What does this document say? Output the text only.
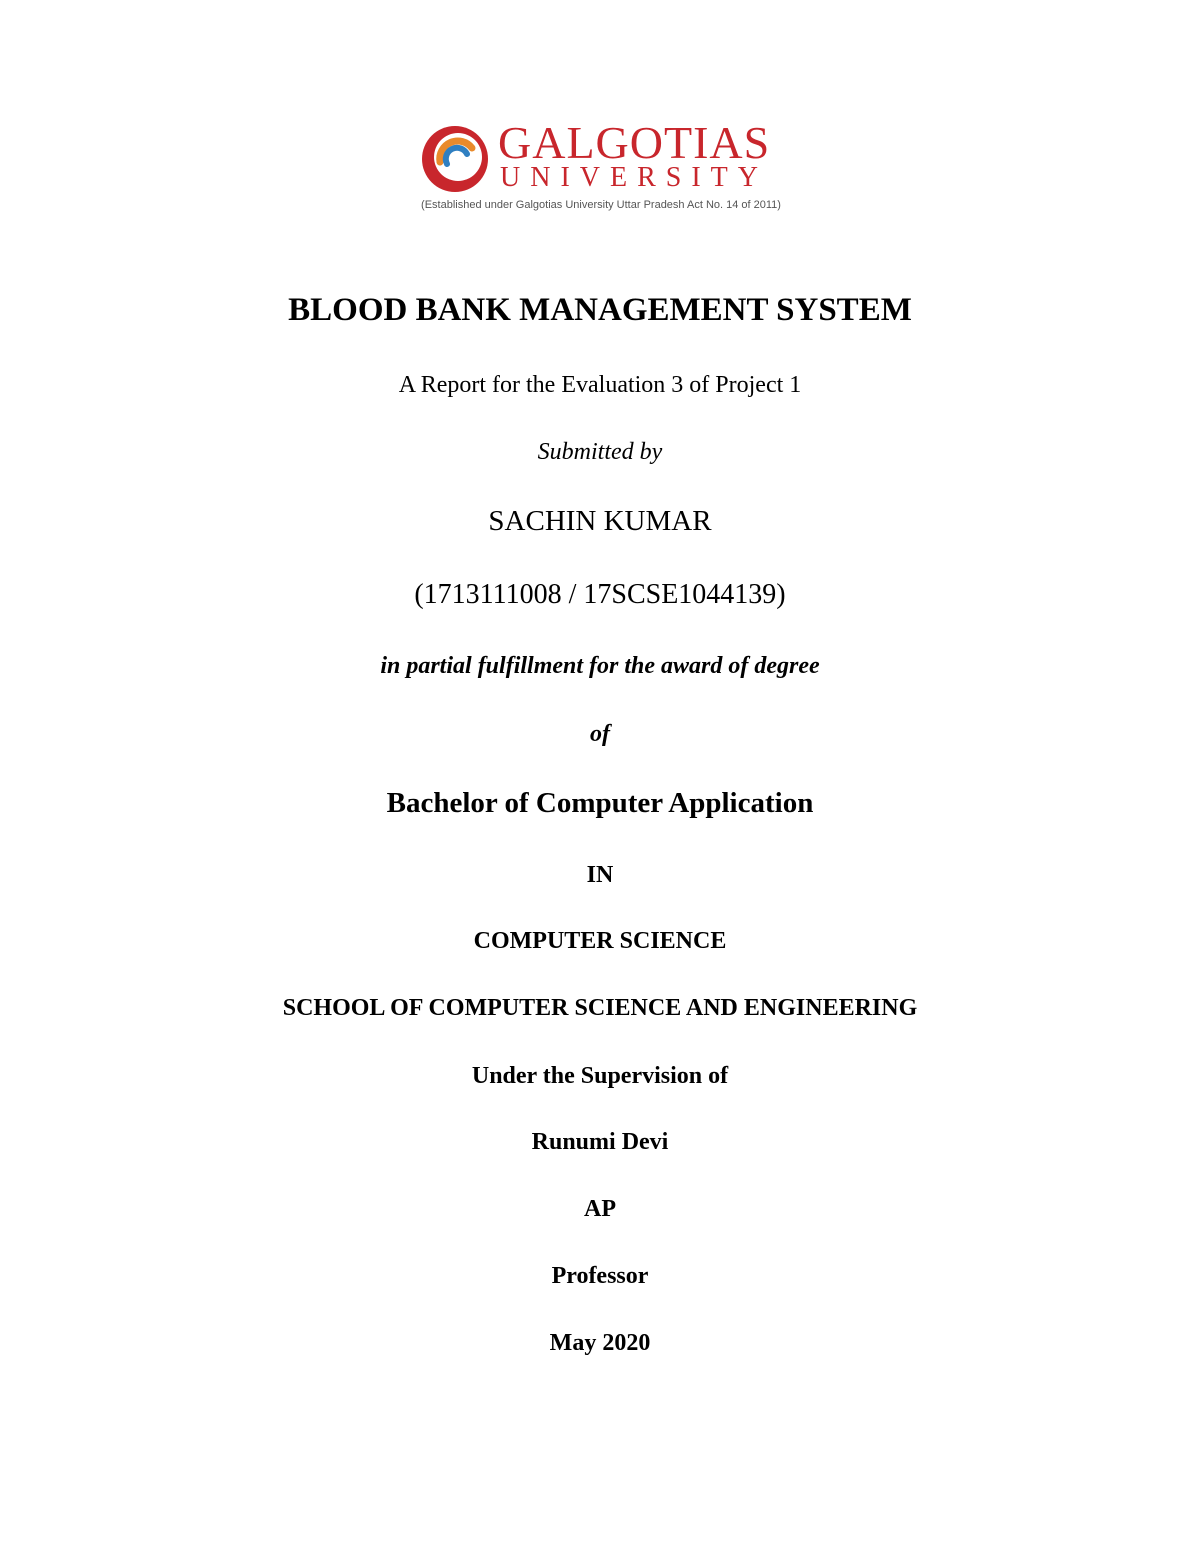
GALGOTIAS
UNIVERSITY
(Established under Galgotias University Uttar Pradesh Act No. 14 of 2011)
BLOOD BANK MANAGEMENT SYSTEM
A Report for the Evaluation 3 of Project 1
Submitted by
SACHIN KUMAR
(1713111008 / 17SCSE1044139)
in partial fulfillment for the award of degree
of
Bachelor of Computer Application
IN
COMPUTER SCIENCE
SCHOOL OF COMPUTER SCIENCE AND ENGINEERING
Under the Supervision of
Runumi Devi
AP
Professor
May 2020
